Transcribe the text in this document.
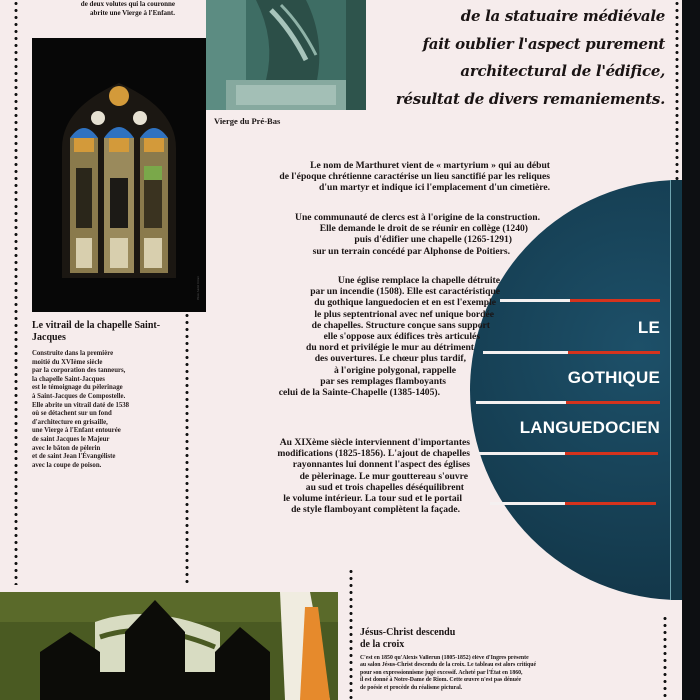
de deux volutes qui la couronne
abrite une Vierge à l'Enfant.
Photo André Vernet
Vierge du Pré-Bas
de la statuaire médiévale
fait oublier l'aspect purement
architectural de l'édifice,
résultat de divers remaniements.
LE
GOTHIQUE
LANGUEDOCIEN
Le nom de Marthuret vient de « martyrium » qui au début
de l'époque chrétienne caractérise un lieu sanctifié par les reliques
d'un martyr et indique ici l'emplacement d'un cimetière.
Une communauté de clercs est à l'origine de la construction.
Elle demande le droit de se réunir en collège (1240)
puis d'édifier une chapelle (1265-1291)
sur un terrain concédé par Alphonse de Poitiers.
Une église remplace la chapelle détruite
par un incendie (1508). Elle est caractéristique
du gothique languedocien et en est l'exemple
le plus septentrional avec nef unique bordée
de chapelles. Structure conçue sans support
elle s'oppose aux édifices très articulés
du nord et privilégie le mur au détriment
des ouvertures. Le chœur plus tardif,
à l'origine polygonal, rappelle
par ses remplages flamboyants
celui de la Sainte-Chapelle (1385-1405).
Au XIXème siècle interviennent d'importantes
modifications (1825-1856). L'ajout de chapelles
rayonnantes lui donnent l'aspect des églises
de pèlerinage. Le mur gouttereau s'ouvre
au sud et trois chapelles déséquilibrent
le volume intérieur. La tour sud et le portail
de style flamboyant complètent la façade.
Le vitrail de la chapelle Saint-Jacques
Construite dans la première
moitié du XVIème siècle
par la corporation des tanneurs,
la chapelle Saint-Jacques
est le témoignage du pèlerinage
à Saint-Jacques de Compostelle.
Elle abrite un vitrail daté de 1538
où se détachent sur un fond
d'architecture en grisaille,
une Vierge à l'Enfant entourée
de saint Jacques le Majeur
avec le bâton de pèlerin
et de saint Jean l'Évangéliste
avec la coupe de poison.
Jésus-Christ descendu
de la croix
C'est en 1850 qu'Alexis Vallerun (1805-1852) élève d'Ingres présente
au salon Jésus-Christ descendu de la croix. Le tableau est alors critiqué
pour son expressionnisme jugé excessif. Acheté par l'État en 1860,
il est donné à Notre-Dame de Riom. Cette œuvre n'est pas dénuée
de poésie et procède du réalisme pictural.
